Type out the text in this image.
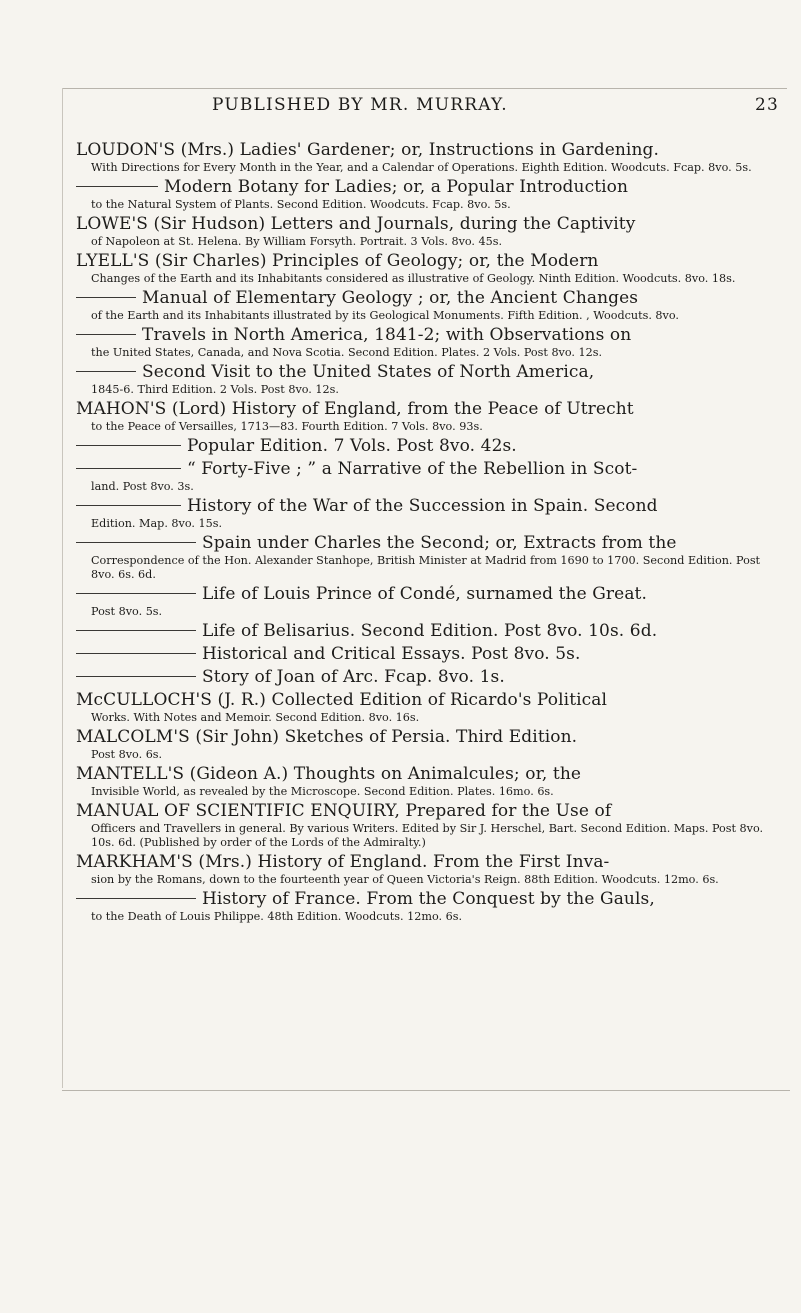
PUBLISHED BY MR. MURRAY.	23
LOUDON'S (Mrs.) Ladies' Gardener; or, Instructions in Gardening.
With Directions for Every Month in the Year, and a Calendar of Operations. Eighth Edition. Woodcuts. Fcap. 8vo. 5s.
Modern Botany for Ladies; or, a Popular Introduction
to the Natural System of Plants. Second Edition. Woodcuts. Fcap. 8vo. 5s.
LOWE'S (Sir Hudson) Letters and Journals, during the Captivity
of Napoleon at St. Helena. By William Forsyth. Portrait. 3 Vols. 8vo. 45s.
LYELL'S (Sir Charles) Principles of Geology; or, the Modern
Changes of the Earth and its Inhabitants considered as illustrative of Geology. Ninth Edition. Woodcuts. 8vo. 18s.
Manual of Elementary Geology ; or, the Ancient Changes
of the Earth and its Inhabitants illustrated by its Geological Monuments. Fifth Edition. , Woodcuts. 8vo.
Travels in North America, 1841-2; with Observations on
the United States, Canada, and Nova Scotia. Second Edition. Plates. 2 Vols. Post 8vo. 12s.
Second Visit to the United States of North America,
1845-6. Third Edition. 2 Vols. Post 8vo. 12s.
MAHON'S (Lord) History of England, from the Peace of Utrecht
to the Peace of Versailles, 1713—83. Fourth Edition. 7 Vols. 8vo. 93s.
Popular Edition. 7 Vols. Post 8vo. 42s.
“ Forty-Five ; ” a Narrative of the Rebellion in Scot-
land. Post 8vo. 3s.
History of the War of the Succession in Spain. Second
Edition. Map. 8vo. 15s.
Spain under Charles the Second; or, Extracts from the
Correspondence of the Hon. Alexander Stanhope, British Minister at Madrid from 1690 to 1700. Second Edition. Post 8vo. 6s. 6d.
Life of Louis Prince of Condé, surnamed the Great.
Post 8vo. 5s.
Life of Belisarius. Second Edition. Post 8vo. 10s. 6d.
Historical and Critical Essays. Post 8vo. 5s.
Story of Joan of Arc. Fcap. 8vo. 1s.
McCULLOCH'S (J. R.) Collected Edition of Ricardo's Political
Works. With Notes and Memoir. Second Edition. 8vo. 16s.
MALCOLM'S (Sir John) Sketches of Persia. Third Edition.
Post 8vo. 6s.
MANTELL'S (Gideon A.) Thoughts on Animalcules; or, the
Invisible World, as revealed by the Microscope. Second Edition. Plates. 16mo. 6s.
MANUAL OF SCIENTIFIC ENQUIRY, Prepared for the Use of
Officers and Travellers in general. By various Writers. Edited by Sir J. Herschel, Bart. Second Edition. Maps. Post 8vo. 10s. 6d. (Published by order of the Lords of the Admiralty.)
MARKHAM'S (Mrs.) History of England. From the First Inva-
sion by the Romans, down to the fourteenth year of Queen Victoria's Reign. 88th Edition. Woodcuts. 12mo. 6s.
History of France. From the Conquest by the Gauls,
to the Death of Louis Philippe. 48th Edition. Woodcuts. 12mo. 6s.
